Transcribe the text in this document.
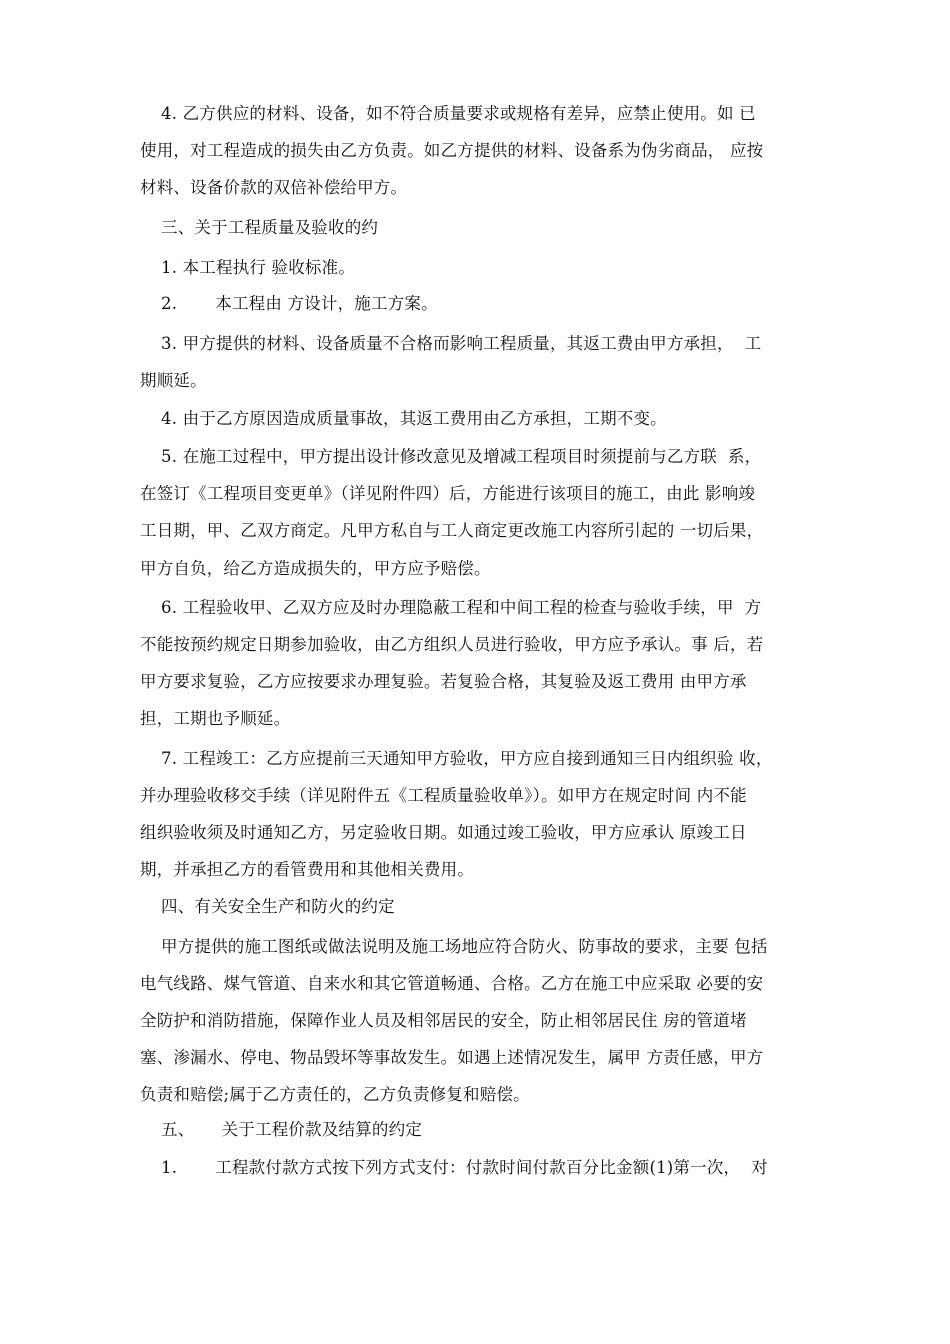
4. 乙方供应的材料、设备，如不符合质量要求或规格有差异，应禁止使用。如 已
使用，对工程造成的损失由乙方负责。如乙方提供的材料、设备系为伪劣商品， 应按
材料、设备价款的双倍补偿给甲方。
三、关于工程质量及验收的约
1. 本工程执行 验收标准。
2.       本工程由 方设计，施工方案。
3. 甲方提供的材料、设备质量不合格而影响工程质量，其返工费由甲方承担，  工
期顺延。
4. 由于乙方原因造成质量事故，其返工费用由乙方承担，工期不变。
5. 在施工过程中，甲方提出设计修改意见及增减工程项目时须提前与乙方联  系，
在签订《工程项目变更单》（详见附件四）后，方能进行该项目的施工，由此 影响竣
工日期，甲、乙双方商定。凡甲方私自与工人商定更改施工内容所引起的 一切后果，
甲方自负，给乙方造成损失的，甲方应予赔偿。
6. 工程验收甲、乙双方应及时办理隐蔽工程和中间工程的检查与验收手续，甲  方
不能按预约规定日期参加验收，由乙方组织人员进行验收，甲方应予承认。事 后，若
甲方要求复验，乙方应按要求办理复验。若复验合格，其复验及返工费用 由甲方承
担，工期也予顺延。
7. 工程竣工：乙方应提前三天通知甲方验收，甲方应自接到通知三日内组织验 收，
并办理验收移交手续（详见附件五《工程质量验收单》）。如甲方在规定时间 内不能
组织验收须及时通知乙方，另定验收日期。如通过竣工验收，甲方应承认 原竣工日
期，并承担乙方的看管费用和其他相关费用。
四、有关安全生产和防火的约定
甲方提供的施工图纸或做法说明及施工场地应符合防火、防事故的要求，主要 包括
电气线路、煤气管道、自来水和其它管道畅通、合格。乙方在施工中应采取 必要的安
全防护和消防措施，保障作业人员及相邻居民的安全，防止相邻居民住 房的管道堵
塞、渗漏水、停电、物品毁坏等事故发生。如遇上述情况发生，属甲 方责任感，甲方
负责和赔偿;属于乙方责任的，乙方负责修复和赔偿。
五、     关于工程价款及结算的约定
1.       工程款付款方式按下列方式支付：付款时间付款百分比金额(1)第一次，  对
